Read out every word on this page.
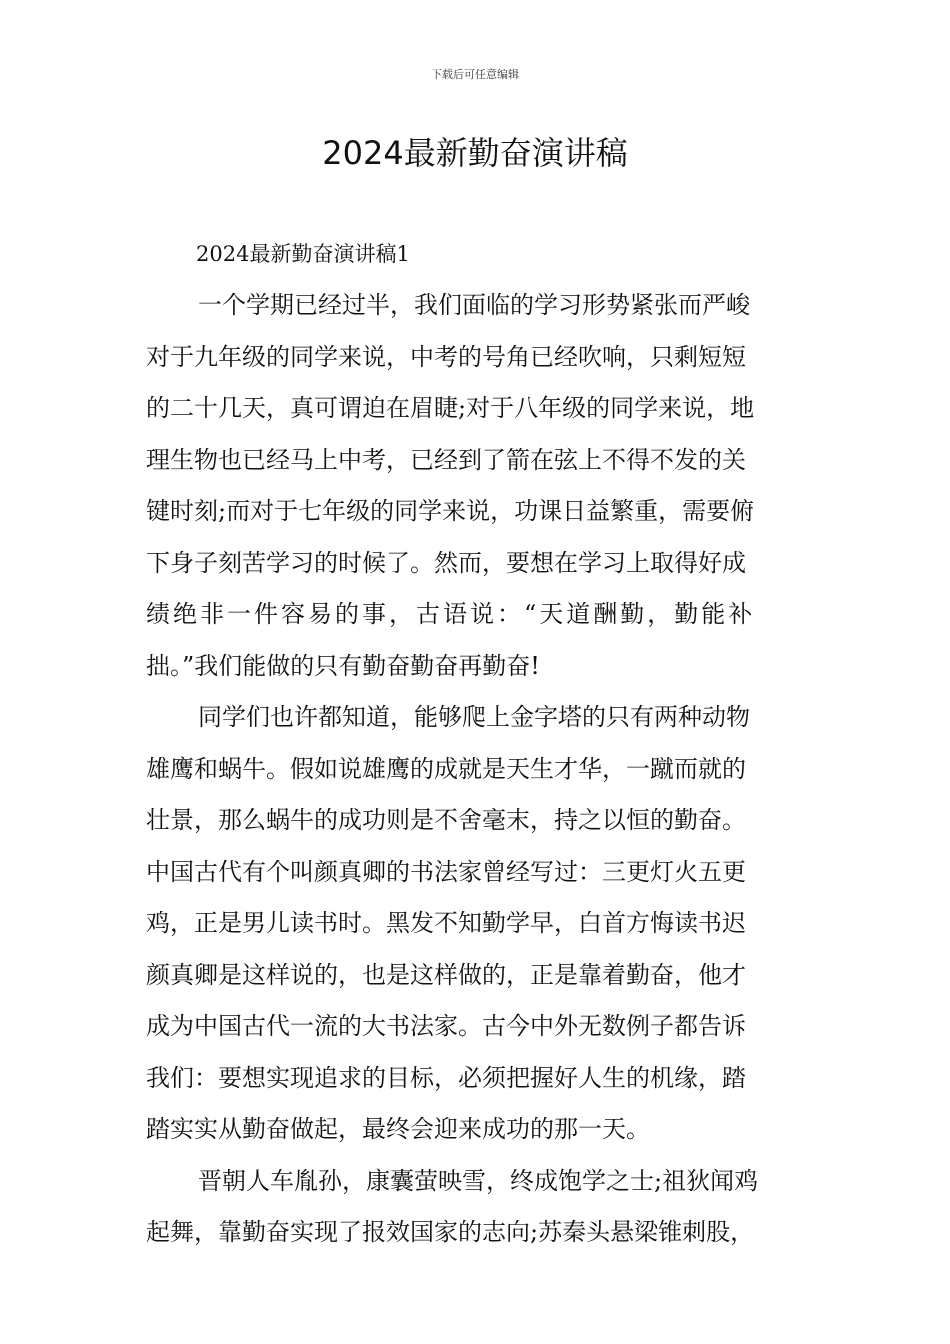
下载后可任意编辑
2024最新勤奋演讲稿
2024最新勤奋演讲稿1
一个学期已经过半，我们面临的学习形势紧张而严峻
对于九年级的同学来说，中考的号角已经吹响，只剩短短
的二十几天，真可谓迫在眉睫;对于八年级的同学来说，地
理生物也已经马上中考，已经到了箭在弦上不得不发的关
键时刻;而对于七年级的同学来说，功课日益繁重，需要俯
下身子刻苦学习的时候了。然而，要想在学习上取得好成
绩绝非一件容易的事，古语说：“天道酬勤，勤能补
拙。”我们能做的只有勤奋勤奋再勤奋!
同学们也许都知道，能够爬上金字塔的只有两种动物
雄鹰和蜗牛。假如说雄鹰的成就是天生才华，一蹴而就的
壮景，那么蜗牛的成功则是不舍毫末，持之以恒的勤奋。
中国古代有个叫颜真卿的书法家曾经写过：三更灯火五更
鸡，正是男儿读书时。黑发不知勤学早，白首方悔读书迟
颜真卿是这样说的，也是这样做的，正是靠着勤奋，他才
成为中国古代一流的大书法家。古今中外无数例子都告诉
我们：要想实现追求的目标，必须把握好人生的机缘，踏
踏实实从勤奋做起，最终会迎来成功的那一天。
晋朝人车胤孙，康囊萤映雪，终成饱学之士;祖狄闻鸡
起舞，靠勤奋实现了报效国家的志向;苏秦头悬梁锥刺股，
